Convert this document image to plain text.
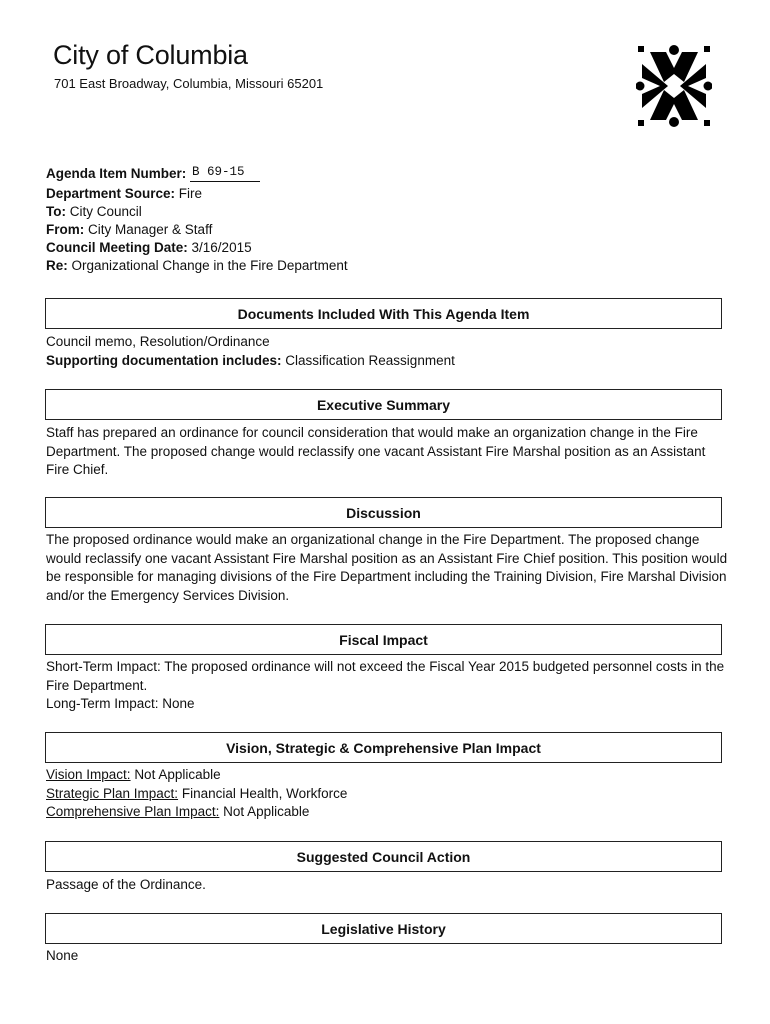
City of Columbia
701 East Broadway, Columbia, Missouri 65201
Agenda Item Number: B 69-15
Department Source: Fire
To: City Council
From: City Manager & Staff
Council Meeting Date: 3/16/2015
Re: Organizational Change in the Fire Department
Documents Included With This Agenda Item
Council memo, Resolution/Ordinance
Supporting documentation includes: Classification Reassignment
Executive Summary
Staff has prepared an ordinance for council consideration that would make an organization change in the Fire Department. The proposed change would reclassify one vacant Assistant Fire Marshal position as an Assistant Fire Chief.
Discussion
The proposed ordinance would make an organizational change in the Fire Department. The proposed change would reclassify one vacant Assistant Fire Marshal position as an Assistant Fire Chief position. This position would be responsible for managing divisions of the Fire Department including the Training Division, Fire Marshal Division and/or the Emergency Services Division.
Fiscal Impact
Short-Term Impact: The proposed ordinance will not exceed the Fiscal Year 2015 budgeted personnel costs in the Fire Department.
Long-Term Impact: None
Vision, Strategic & Comprehensive Plan Impact
Vision Impact: Not Applicable
Strategic Plan Impact: Financial Health, Workforce
Comprehensive Plan Impact: Not Applicable
Suggested Council Action
Passage of the Ordinance.
Legislative History
None
